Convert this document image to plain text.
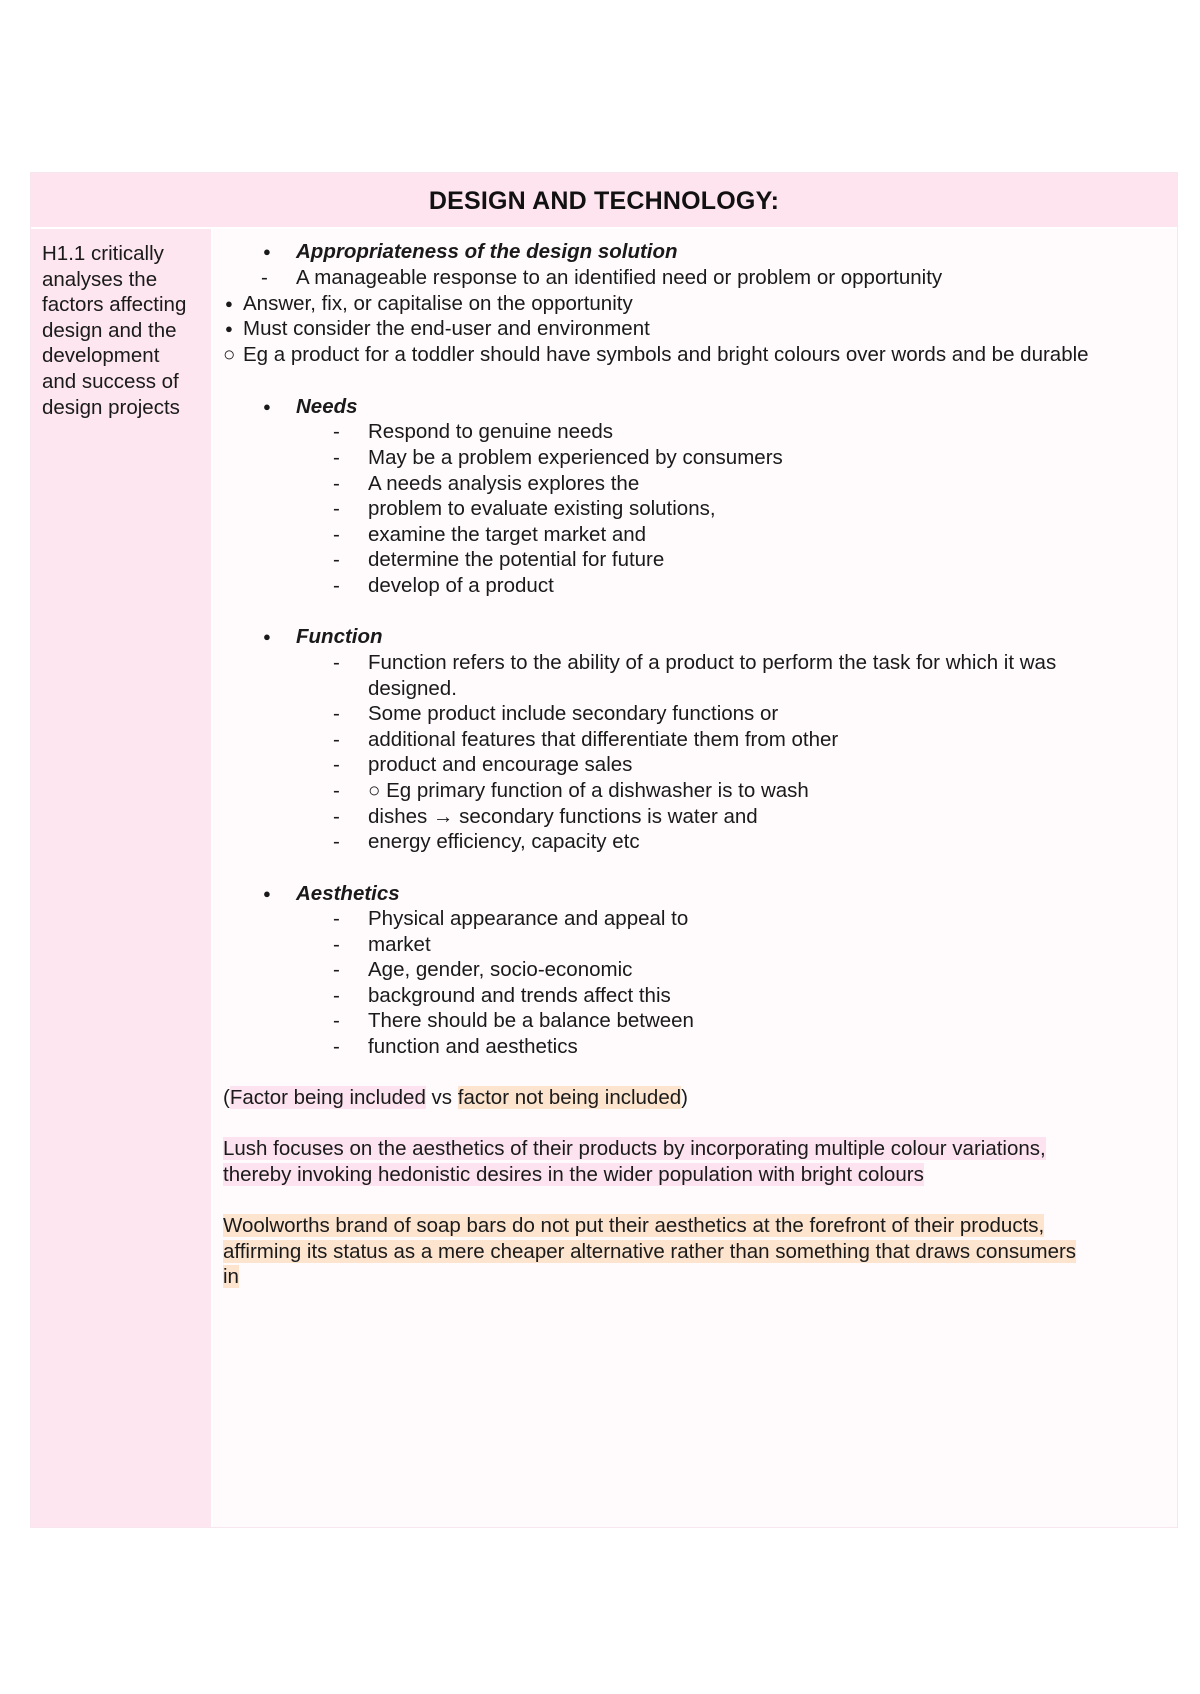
DESIGN AND TECHNOLOGY:
H1.1 critically
analyses the
factors affecting
design and the
development
and success of
design projects
● Appropriateness of the design solution
- A manageable response to an identified need or problem or opportunity
● Answer, fix, or capitalise on the opportunity
● Must consider the end-user and environment
○ Eg a product for a toddler should have symbols and bright colours over words and be durable
● Needs
- Respond to genuine needs
- May be a problem experienced by consumers
- A needs analysis explores the
- problem to evaluate existing solutions,
- examine the target market and
- determine the potential for future
- develop of a product
● Function
- Function refers to the ability of a product to perform the task for which it was
designed.
- Some product include secondary functions or
- additional features that differentiate them from other
- product and encourage sales
- ○ Eg primary function of a dishwasher is to wash
- dishes → secondary functions is water and
- energy efficiency, capacity etc
● Aesthetics
- Physical appearance and appeal to
- market
- Age, gender, socio-economic
- background and trends affect this
- There should be a balance between
- function and aesthetics
(Factor being included vs factor not being included)
Lush focuses on the aesthetics of their products by incorporating multiple colour variations,
thereby invoking hedonistic desires in the wider population with bright colours
Woolworths brand of soap bars do not put their aesthetics at the forefront of their products,
affirming its status as a mere cheaper alternative rather than something that draws consumers
in
